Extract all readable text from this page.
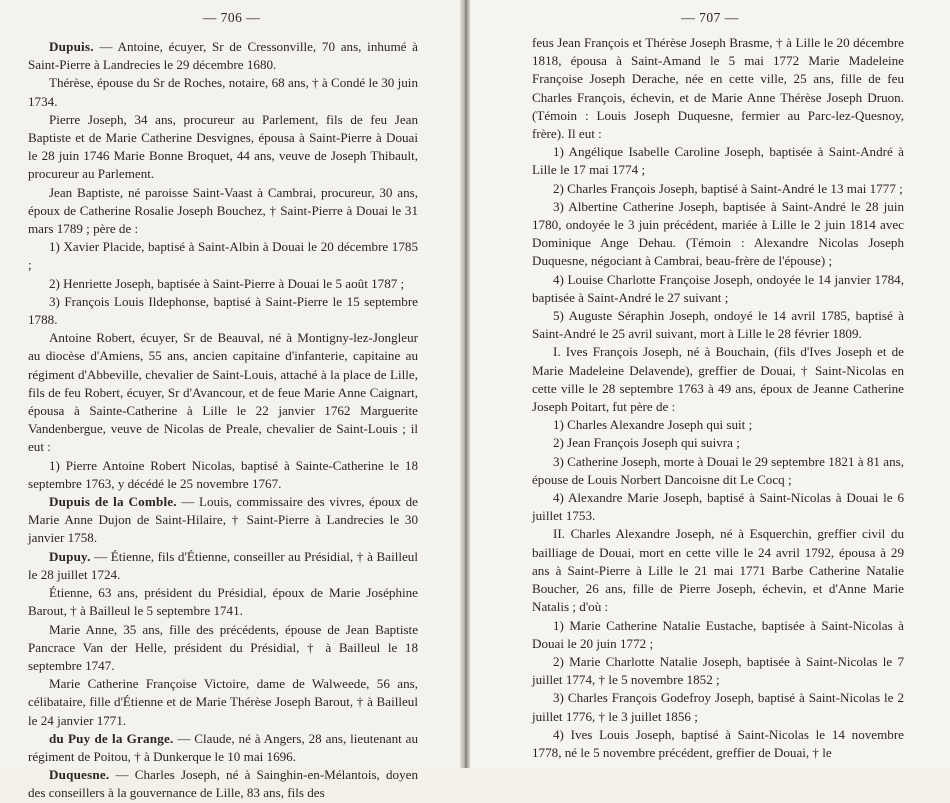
— 706 —

Dupuis. — Antoine, écuyer, Sr de Cressonville, 70 ans, inhumé à Saint-Pierre à Landrecies le 29 décembre 1680.

Thérèse, épouse du Sr de Roches, notaire, 68 ans, † à Condé le 30 juin 1734.

Pierre Joseph, 34 ans, procureur au Parlement, fils de feu Jean Baptiste et de Marie Catherine Desvignes, épousa à Saint-Pierre à Douai le 28 juin 1746 Marie Bonne Broquet, 44 ans, veuve de Joseph Thibault, procureur au Parlement.

Jean Baptiste, né paroisse Saint-Vaast à Cambrai, procureur, 30 ans, époux de Catherine Rosalie Joseph Bouchez, † Saint-Pierre à Douai le 31 mars 1789 ; père de :

1) Xavier Placide, baptisé à Saint-Albin à Douai le 20 décembre 1785 ;

2) Henriette Joseph, baptisée à Saint-Pierre à Douai le 5 août 1787 ;

3) François Louis Ildephonse, baptisé à Saint-Pierre le 15 septembre 1788.

Antoine Robert, écuyer, Sr de Beauval, né à Montigny-lez-Jongleur au diocèse d'Amiens, 55 ans, ancien capitaine d'infanterie, capitaine au régiment d'Abbeville, chevalier de Saint-Louis, attaché à la place de Lille, fils de feu Robert, écuyer, Sr d'Avancour, et de feue Marie Anne Caignart, épousa à Sainte-Catherine à Lille le 22 janvier 1762 Marguerite Vandenbergue, veuve de Nicolas de Preale, chevalier de Saint-Louis ; il eut :

1) Pierre Antoine Robert Nicolas, baptisé à Sainte-Catherine le 18 septembre 1763, y décédé le 25 novembre 1767.

Dupuis de la Comble. — Louis, commissaire des vivres, époux de Marie Anne Dujon de Saint-Hilaire, † Saint-Pierre à Landrecies le 30 janvier 1758.

Dupuy. — Étienne, fils d'Étienne, conseiller au Présidial, † à Bailleul le 28 juillet 1724.

Étienne, 63 ans, président du Présidial, époux de Marie Joséphine Barout, † à Bailleul le 5 septembre 1741.

Marie Anne, 35 ans, fille des précédents, épouse de Jean Baptiste Pancrace Van der Helle, président du Présidial, † à Bailleul le 18 septembre 1747.

Marie Catherine Françoise Victoire, dame de Walweede, 56 ans, célibataire, fille d'Étienne et de Marie Thérèse Joseph Barout, † à Bailleul le 24 janvier 1771.

du Puy de la Grange. — Claude, né à Angers, 28 ans, lieutenant au régiment de Poitou, † à Dunkerque le 10 mai 1696.

Duquesne. — Charles Joseph, né à Sainghin-en-Mélantois, doyen des conseillers à la gouvernance de Lille, 83 ans, fils des

— 707 —

feus Jean François et Thérèse Joseph Brasme, † à Lille le 20 décembre 1818, épousa à Saint-Amand le 5 mai 1772 Marie Madeleine Françoise Joseph Derache, née en cette ville, 25 ans, fille de feu Charles François, échevin, et de Marie Anne Thérèse Joseph Druon. (Témoin : Louis Joseph Duquesne, fermier au Parc-lez-Quesnoy, frère). Il eut :

1) Angélique Isabelle Caroline Joseph, baptisée à Saint-André à Lille le 17 mai 1774 ;

2) Charles François Joseph, baptisé à Saint-André le 13 mai 1777 ;

3) Albertine Catherine Joseph, baptisée à Saint-André le 28 juin 1780, ondoyée le 3 juin précédent, mariée à Lille le 2 juin 1814 avec Dominique Ange Dehau. (Témoin : Alexandre Nicolas Joseph Duquesne, négociant à Cambrai, beau-frère de l'épouse) ;

4) Louise Charlotte Françoise Joseph, ondoyée le 14 janvier 1784, baptisée à Saint-André le 27 suivant ;

5) Auguste Séraphin Joseph, ondoyé le 14 avril 1785, baptisé à Saint-André le 25 avril suivant, mort à Lille le 28 février 1809.

I. Ives François Joseph, né à Bouchain, (fils d'Ives Joseph et de Marie Madeleine Delavende), greffier de Douai, † Saint-Nicolas en cette ville le 28 septembre 1763 à 49 ans, époux de Jeanne Catherine Joseph Poitart, fut père de :

1) Charles Alexandre Joseph qui suit ;

2) Jean François Joseph qui suivra ;

3) Catherine Joseph, morte à Douai le 29 septembre 1821 à 81 ans, épouse de Louis Norbert Dancoisne dit Le Cocq ;

4) Alexandre Marie Joseph, baptisé à Saint-Nicolas à Douai le 6 juillet 1753.

II. Charles Alexandre Joseph, né à Esquerchin, greffier civil du bailliage de Douai, mort en cette ville le 24 avril 1792, épousa à 29 ans à Saint-Pierre à Lille le 21 mai 1771 Barbe Catherine Natalie Boucher, 26 ans, fille de Pierre Joseph, échevin, et d'Anne Marie Natalis ; d'où :

1) Marie Catherine Natalie Eustache, baptisée à Saint-Nicolas à Douai le 20 juin 1772 ;

2) Marie Charlotte Natalie Joseph, baptisée à Saint-Nicolas le 7 juillet 1774, † le 5 novembre 1852 ;

3) Charles François Godefroy Joseph, baptisé à Saint-Nicolas le 2 juillet 1776, † le 3 juillet 1856 ;

4) Ives Louis Joseph, baptisé à Saint-Nicolas le 14 novembre 1778, né le 5 novembre précédent, greffier de Douai, † le
